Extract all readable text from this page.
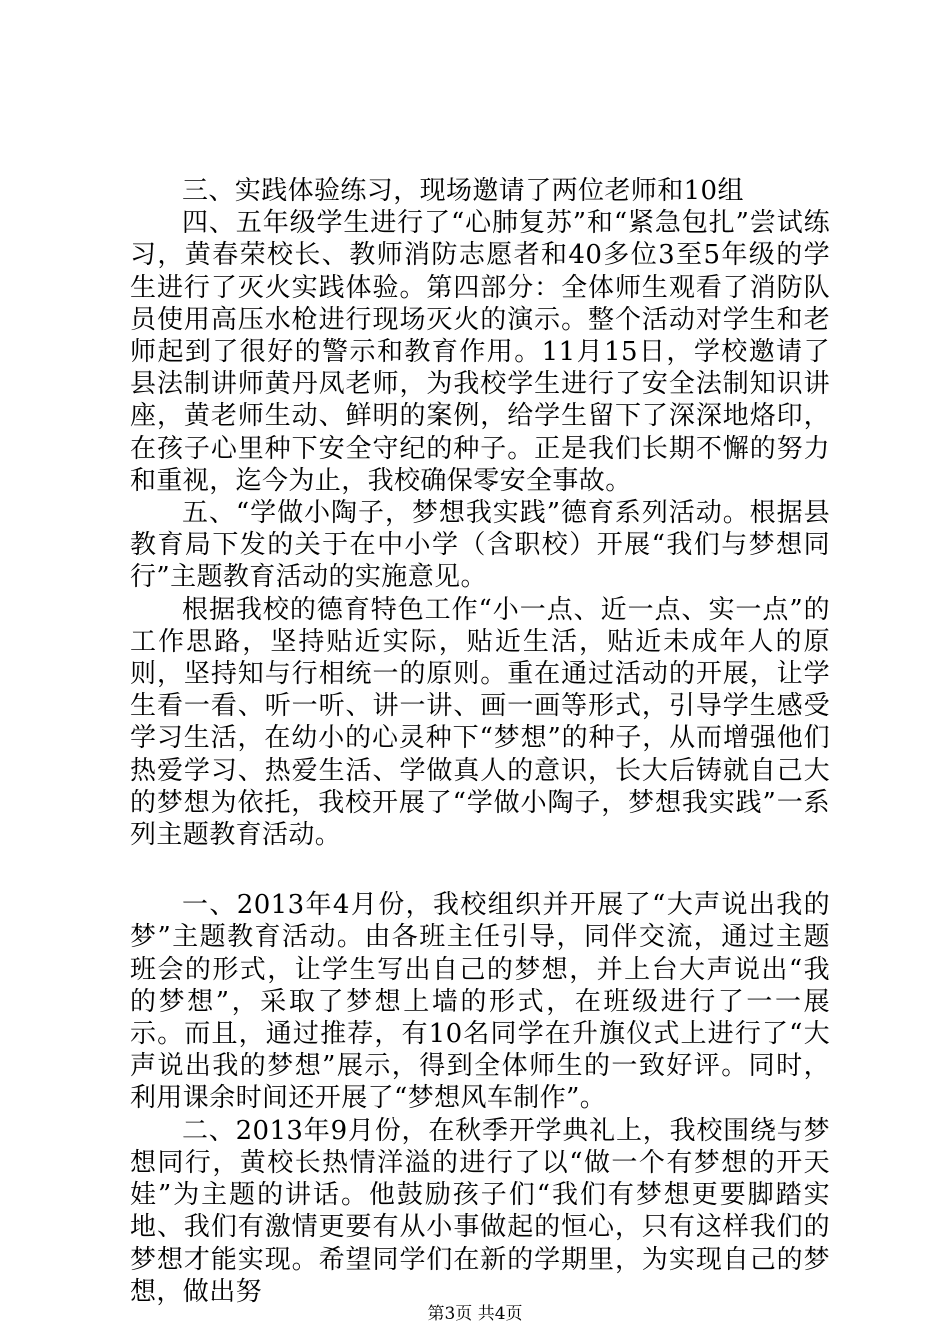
三、实践体验练习，现场邀请了两位老师和10组

四、五年级学生进行了“心肺复苏”和“紧急包扎”尝试练习，黄春荣校长、教师消防志愿者和40多位3至5年级的学生进行了灭火实践体验。第四部分：全体师生观看了消防队员使用高压水枪进行现场灭火的演示。整个活动对学生和老师起到了很好的警示和教育作用。11月15日，学校邀请了县法制讲师黄丹凤老师，为我校学生进行了安全法制知识讲座，黄老师生动、鲜明的案例，给学生留下了深深地烙印，在孩子心里种下安全守纪的种子。正是我们长期不懈的努力和重视，迄今为止，我校确保零安全事故。

五、“学做小陶子，梦想我实践”德育系列活动。根据县教育局下发的关于在中小学（含职校）开展“我们与梦想同行”主题教育活动的实施意见。

根据我校的德育特色工作“小一点、近一点、实一点”的工作思路，坚持贴近实际，贴近生活，贴近未成年人的原则，坚持知与行相统一的原则。重在通过活动的开展，让学生看一看、听一听、讲一讲、画一画等形式，引导学生感受学习生活，在幼小的心灵种下“梦想”的种子，从而增强他们热爱学习、热爱生活、学做真人的意识，长大后铸就自己大的梦想为依托，我校开展了“学做小陶子，梦想我实践”一系列主题教育活动。

一、2013年4月份，我校组织并开展了“大声说出我的梦”主题教育活动。由各班主任引导，同伴交流，通过主题班会的形式，让学生写出自己的梦想，并上台大声说出“我的梦想”，采取了梦想上墙的形式，在班级进行了一一展示。而且，通过推荐，有10名同学在升旗仪式上进行了“大声说出我的梦想”展示，得到全体师生的一致好评。同时，利用课余时间还开展了“梦想风车制作”。

二、2013年9月份，在秋季开学典礼上，我校围绕与梦想同行，黄校长热情洋溢的进行了以“做一个有梦想的开天娃”为主题的讲话。他鼓励孩子们“我们有梦想更要脚踏实地、我们有激情更要有从小事做起的恒心，只有这样我们的梦想才能实现。希望同学们在新的学期里，为实现自己的梦想，做出努

第3页 共4页
